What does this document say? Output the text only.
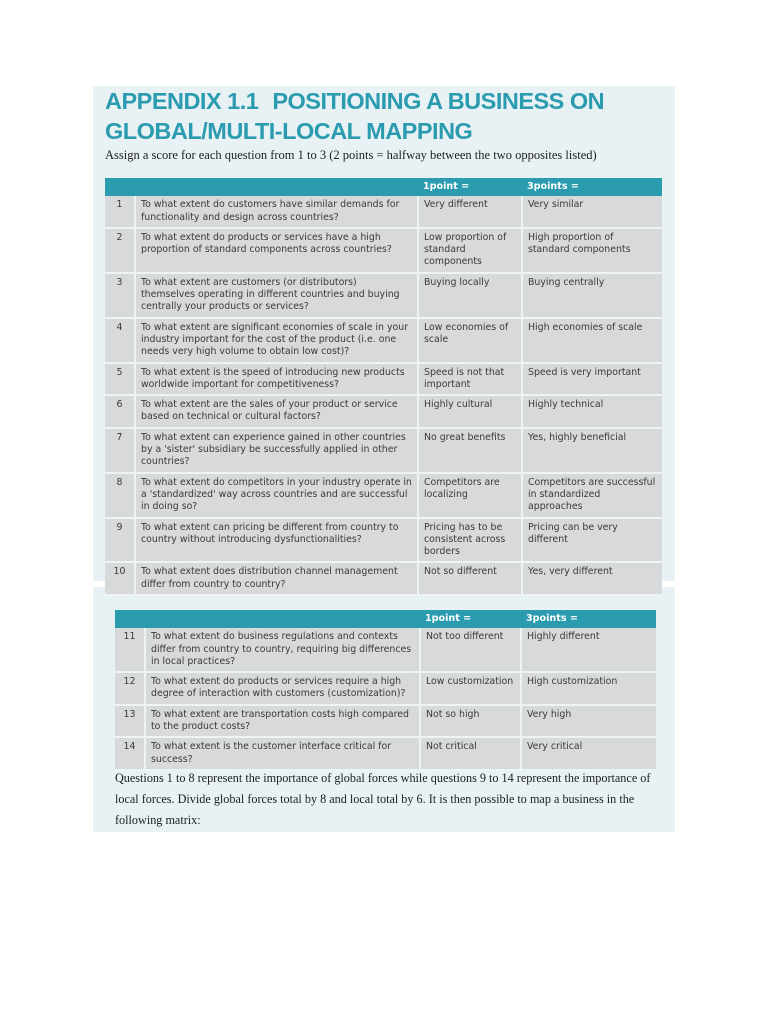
APPENDIX 1.1 POSITIONING A BUSINESS ON GLOBAL/MULTI-LOCAL MAPPING
Assign a score for each question from 1 to 3 (2 points = halfway between the two opposites listed)
		1point =	3points =
1	To what extent do customers have similar demands for functionality and design across countries?	Very different	Very similar
2	To what extent do products or services have a high proportion of standard components across countries?	Low proportion of standard components	High proportion of standard components
3	To what extent are customers (or distributors) themselves operating in different countries and buying centrally your products or services?	Buying locally	Buying centrally
4	To what extent are significant economies of scale in your industry important for the cost of the product (i.e. one needs very high volume to obtain low cost)?	Low economies of scale	High economies of scale
5	To what extent is the speed of introducing new products worldwide important for competitiveness?	Speed is not that important	Speed is very important
6	To what extent are the sales of your product or service based on technical or cultural factors?	Highly cultural	Highly technical
7	To what extent can experience gained in other countries by a 'sister' subsidiary be successfully applied in other countries?	No great benefits	Yes, highly beneficial
8	To what extent do competitors in your industry operate in a 'standardized' way across countries and are successful in doing so?	Competitors are localizing	Competitors are successful in standardized approaches
9	To what extent can pricing be different from country to country without introducing dysfunctionalities?	Pricing has to be consistent across borders	Pricing can be very different
10	To what extent does distribution channel management differ from country to country?	Not so different	Yes, very different
		1point =	3points =
11	To what extent do business regulations and contexts differ from country to country, requiring big differences in local practices?	Not too different	Highly different
12	To what extent do products or services require a high degree of interaction with customers (customization)?	Low customization	High customization
13	To what extent are transportation costs high compared to the product costs?	Not so high	Very high
14	To what extent is the customer interface critical for success?	Not critical	Very critical
Questions 1 to 8 represent the importance of global forces while questions 9 to 14 represent the importance of local forces. Divide global forces total by 8 and local total by 6. It is then possible to map a business in the following matrix:
